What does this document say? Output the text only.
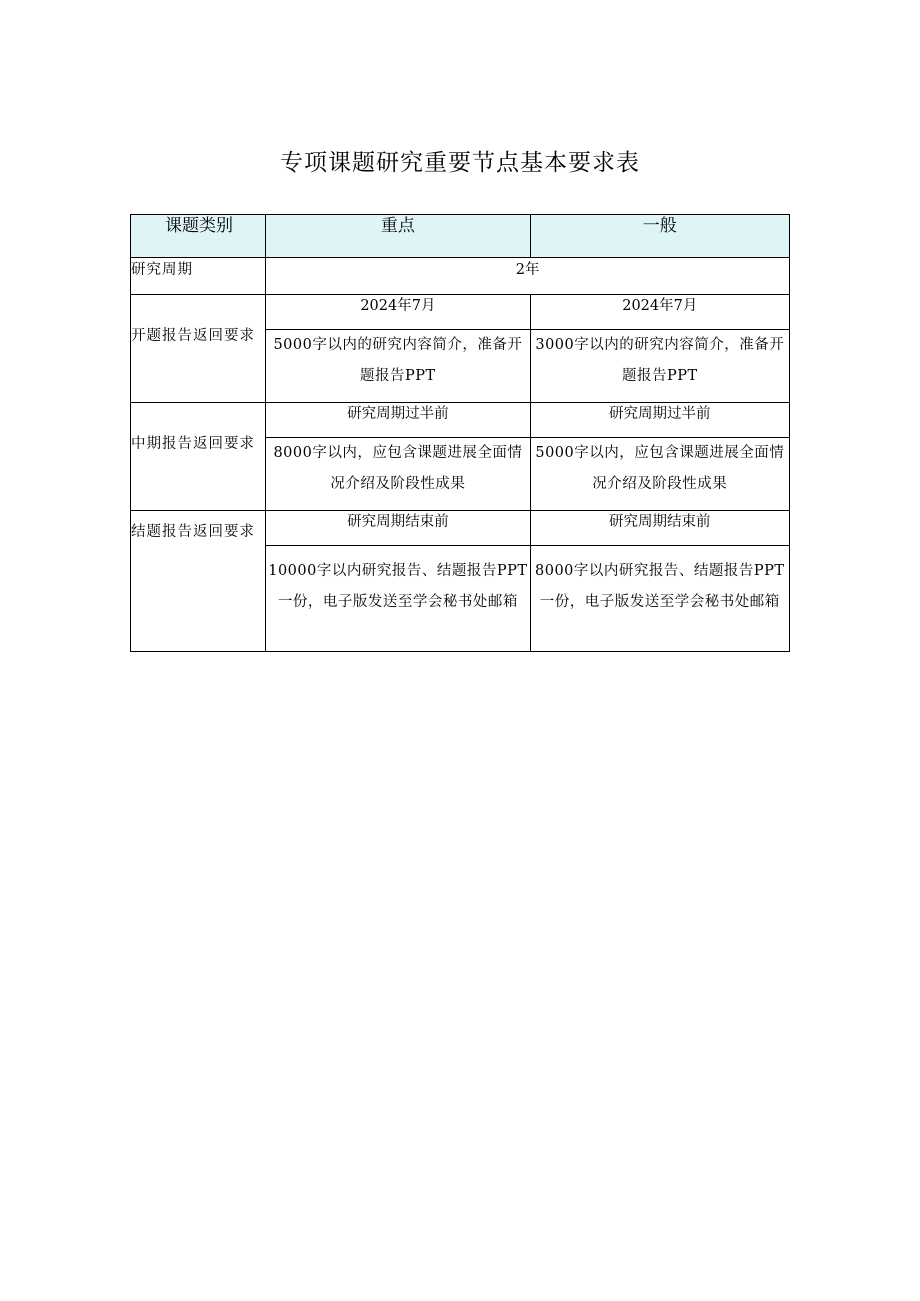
专项课题研究重要节点基本要求表
课题类别	重点	一般
研究周期	2年	
开题报告返回要求	2024年7月	2024年7月
	5000字以内的研究内容简介，准备开题报告PPT	3000字以内的研究内容简介，准备开题报告PPT
中期报告返回要求	研究周期过半前	研究周期过半前
	8000字以内，应包含课题进展全面情况介绍及阶段性成果	5000字以内，应包含课题进展全面情况介绍及阶段性成果
结题报告返回要求	研究周期结束前	研究周期结束前
	10000字以内研究报告、结题报告PPT一份，电子版发送至学会秘书处邮箱	8000字以内研究报告、结题报告PPT一份，电子版发送至学会秘书处邮箱
